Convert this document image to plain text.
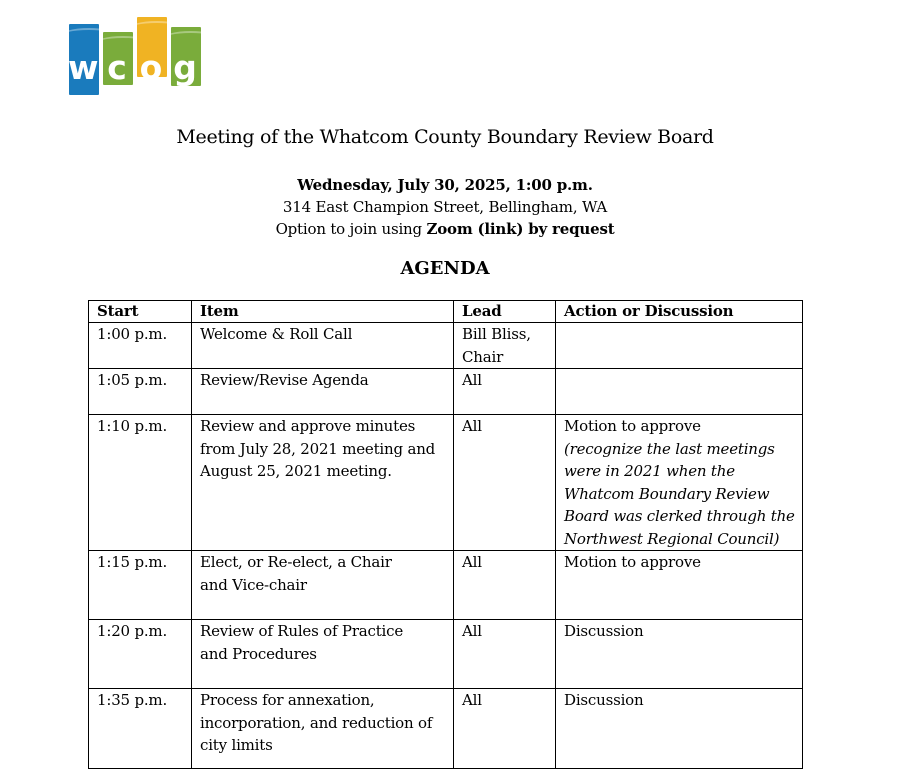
w c o g
Meeting of the Whatcom County Boundary Review Board
Wednesday, July 30, 2025, 1:00 p.m.
314 East Champion Street, Bellingham, WA
Option to join using Zoom (link) by request
AGENDA
Start	Item	Lead	Action or Discussion
1:00 p.m.	Welcome & Roll Call	Bill Bliss, Chair	
1:05 p.m.	Review/Revise Agenda	All	
1:10 p.m.	Review and approve minutes from July 28, 2021 meeting and August 25, 2021 meeting.	All	Motion to approve
(recognize the last meetings were in 2021 when the Whatcom Boundary Review Board was clerked through the Northwest Regional Council)

1:15 p.m.	Elect, or Re-elect, a Chair and Vice-chair	All	Motion to approve
1:20 p.m.	Review of Rules of Practice and Procedures	All	Discussion
1:35 p.m.	Process for annexation, incorporation, and reduction of city limits	All	Discussion
